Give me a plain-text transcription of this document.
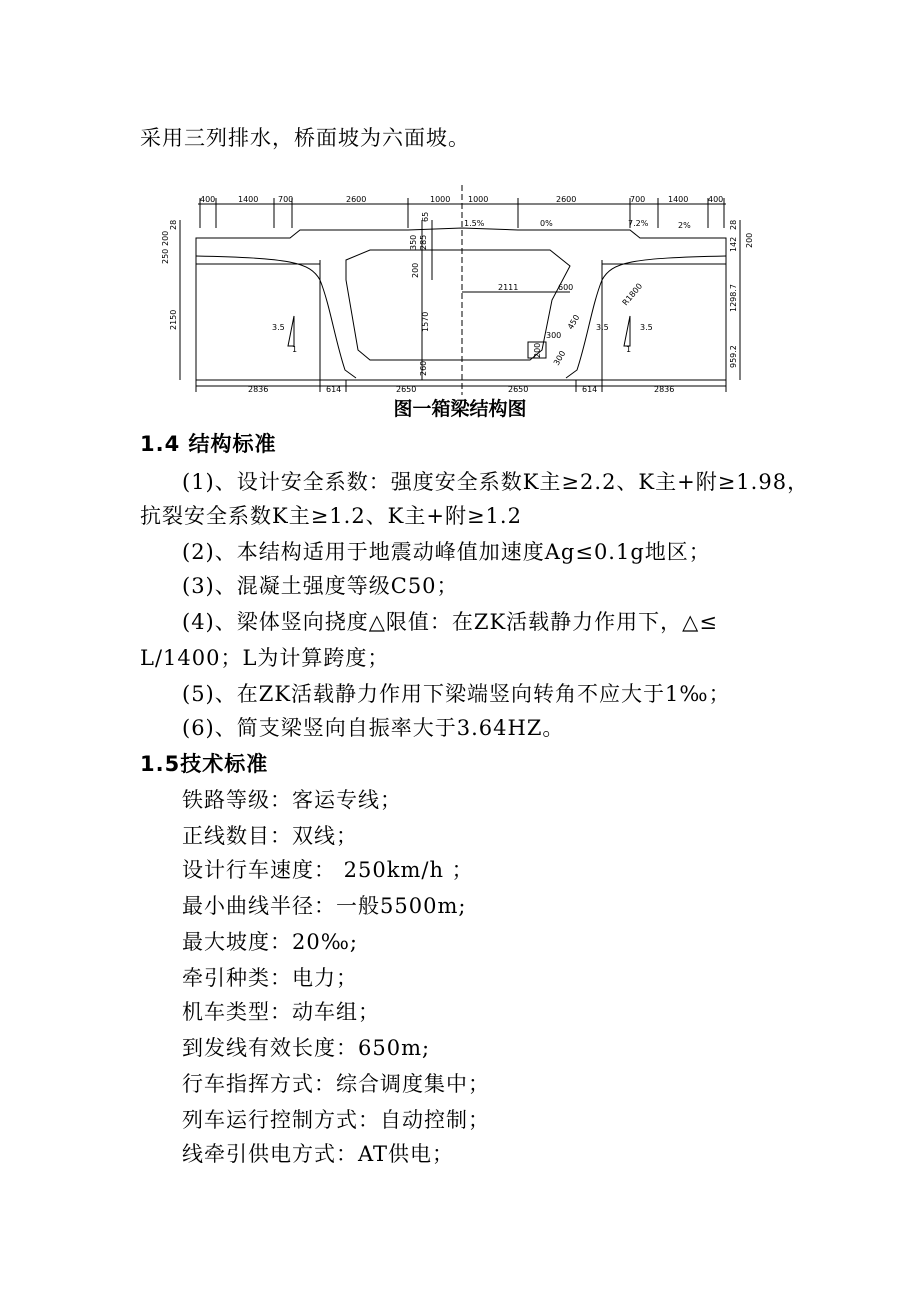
采用三列排水，桥面坡为六面坡。
400	1400 700	2600	1000 1000	2600	700	1400 400
1.5%	0%	7.2%	2%
28
200
250
2150
28
200
142
1298.7
959.2
65
285
350
200
1570
260
2111	600
450
300
200 300
R1800
3.5
1
3.5	3.5
1
2836	614	2650	2650	614	2836
图一箱梁结构图
1.4 结构标准
(1)、设计安全系数：强度安全系数K主≥2.2、K主+附≥1.98，
抗裂安全系数K主≥1.2、K主+附≥1.2
(2)、本结构适用于地震动峰值加速度Ag≤0.1g地区；
(3)、混凝土强度等级C50；
(4)、梁体竖向挠度△限值：在ZK活载静力作用下，△≤
L/1400；L为计算跨度；
(5)、在ZK活载静力作用下梁端竖向转角不应大于1‰；
(6)、简支梁竖向自振率大于3.64HZ。
1.5技术标准
铁路等级：客运专线；
正线数目：双线；
设计行车速度： 250km/h ；
最小曲线半径：一般5500m;
最大坡度：20‰;
牵引种类：电力；
机车类型：动车组；
到发线有效长度：650m;
行车指挥方式：综合调度集中；
列车运行控制方式：自动控制；
线牵引供电方式：AT供电；
